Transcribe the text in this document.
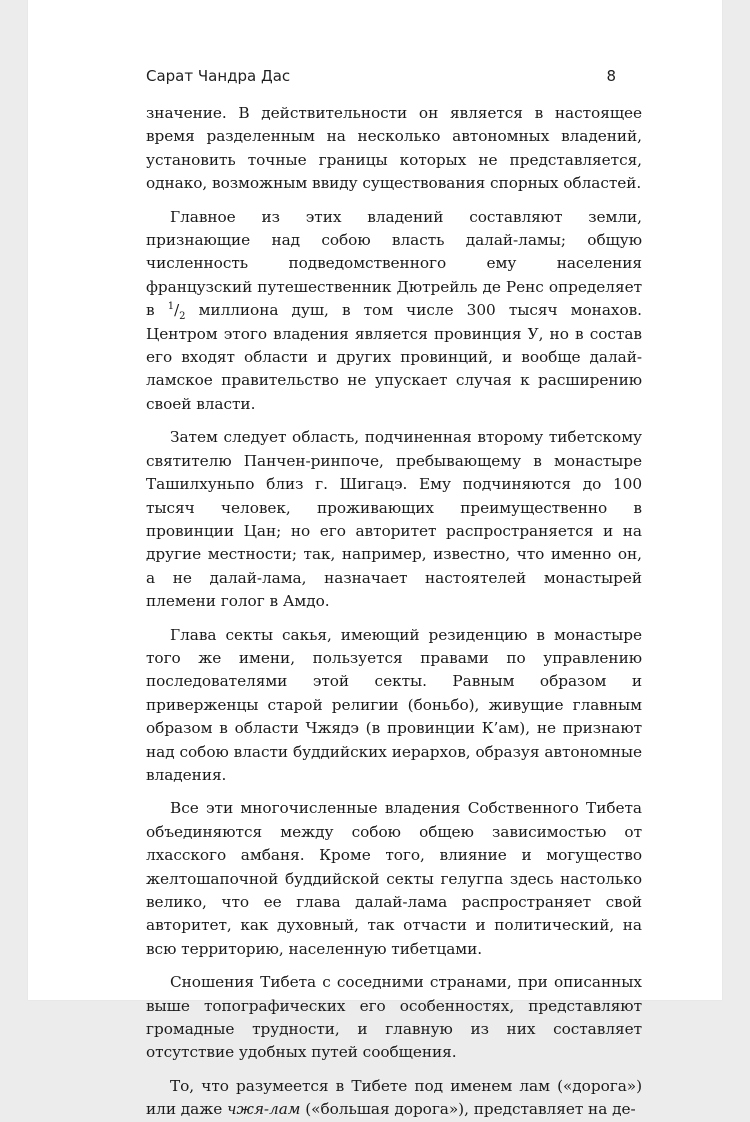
Сарат Чандра Дас	8

значение. В действительности он является в настоящее время разделенным на несколько автономных владений, установить точные границы которых не представляется, однако, возможным ввиду существования спорных областей.

Главное из этих владений составляют земли, признающие над собою власть далай-ламы; общую численность подведомственного ему населения французский путешественник Дютрейль де Ренс определяет в $^1/_2$ миллиона душ, в том числе 300 тысяч монахов. Центром этого владения является провинция У, но в состав его входят области и других провинций, и вообще далай-ламское правительство не упускает случая к расширению своей власти.

Затем следует область, подчиненная второму тибетскому святителю Панчен-ринпоче, пребывающему в монастыре Ташилхуньпо близ г. Шигацэ. Ему подчиняются до 100 тысяч человек, проживающих преимущественно в провинции Цан; но его авторитет распространяется и на другие местности; так, например, известно, что именно он, а не далай-лама, назначает настоятелей монастырей племени голог в Амдо.

Глава секты сакья, имеющий резиденцию в монастыре того же имени, пользуется правами по управлению последователями этой секты. Равным образом и приверженцы старой религии (боньбо), живущие главным образом в области Чжядэ (в провинции К’ам), не признают над собою власти буддийских иерархов, образуя автономные владения.

Все эти многочисленные владения Собственного Тибета объединяются между собою общею зависимостью от лхасского амбаня. Кроме того, влияние и могущество желтошапочной буддийской секты гелугпа здесь настолько велико, что ее глава далай-лама распространяет свой авторитет, как духовный, так отчасти и политический, на всю территорию, населенную тибетцами.

Сношения Тибета с соседними странами, при описанных выше топографических его особенностях, представляют громадные трудности, и главную из них составляет отсутствие удобных путей сообщения.

То, что разумеется в Тибете под именем лам («дорога») или даже чжя-лам («большая дорога»), представляет на де-
